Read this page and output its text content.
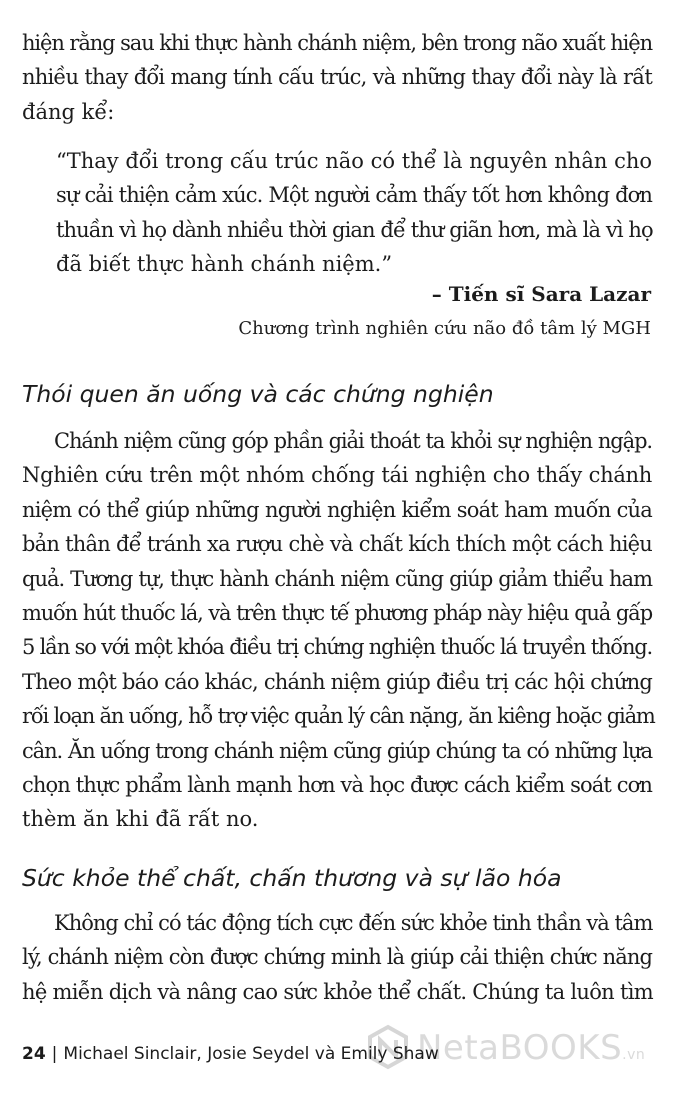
hiện rằng sau khi thực hành chánh niệm, bên trong não xuất hiện
nhiều thay đổi mang tính cấu trúc, và những thay đổi này là rất
đáng kể:

“Thay đổi trong cấu trúc não có thể là nguyên nhân cho
sự cải thiện cảm xúc. Một người cảm thấy tốt hơn không đơn
thuần vì họ dành nhiều thời gian để thư giãn hơn, mà là vì họ
đã biết thực hành chánh niệm.”

– Tiến sĩ Sara Lazar

Chương trình nghiên cứu não đồ tâm lý MGH

Thói quen ăn uống và các chứng nghiện

Chánh niệm cũng góp phần giải thoát ta khỏi sự nghiện ngập.
Nghiên cứu trên một nhóm chống tái nghiện cho thấy chánh
niệm có thể giúp những người nghiện kiểm soát ham muốn của
bản thân để tránh xa rượu chè và chất kích thích một cách hiệu
quả. Tương tự, thực hành chánh niệm cũng giúp giảm thiểu ham
muốn hút thuốc lá, và trên thực tế phương pháp này hiệu quả gấp
5 lần so với một khóa điều trị chứng nghiện thuốc lá truyền thống.
Theo một báo cáo khác, chánh niệm giúp điều trị các hội chứng
rối loạn ăn uống, hỗ trợ việc quản lý cân nặng, ăn kiêng hoặc giảm
cân. Ăn uống trong chánh niệm cũng giúp chúng ta có những lựa
chọn thực phẩm lành mạnh hơn và học được cách kiểm soát cơn
thèm ăn khi đã rất no.

Sức khỏe thể chất, chấn thương và sự lão hóa

Không chỉ có tác động tích cực đến sức khỏe tinh thần và tâm
lý, chánh niệm còn được chứng minh là giúp cải thiện chức năng
hệ miễn dịch và nâng cao sức khỏe thể chất. Chúng ta luôn tìm

NetaBOOKS.vn
24 | Michael Sinclair, Josie Seydel và Emily Shaw
